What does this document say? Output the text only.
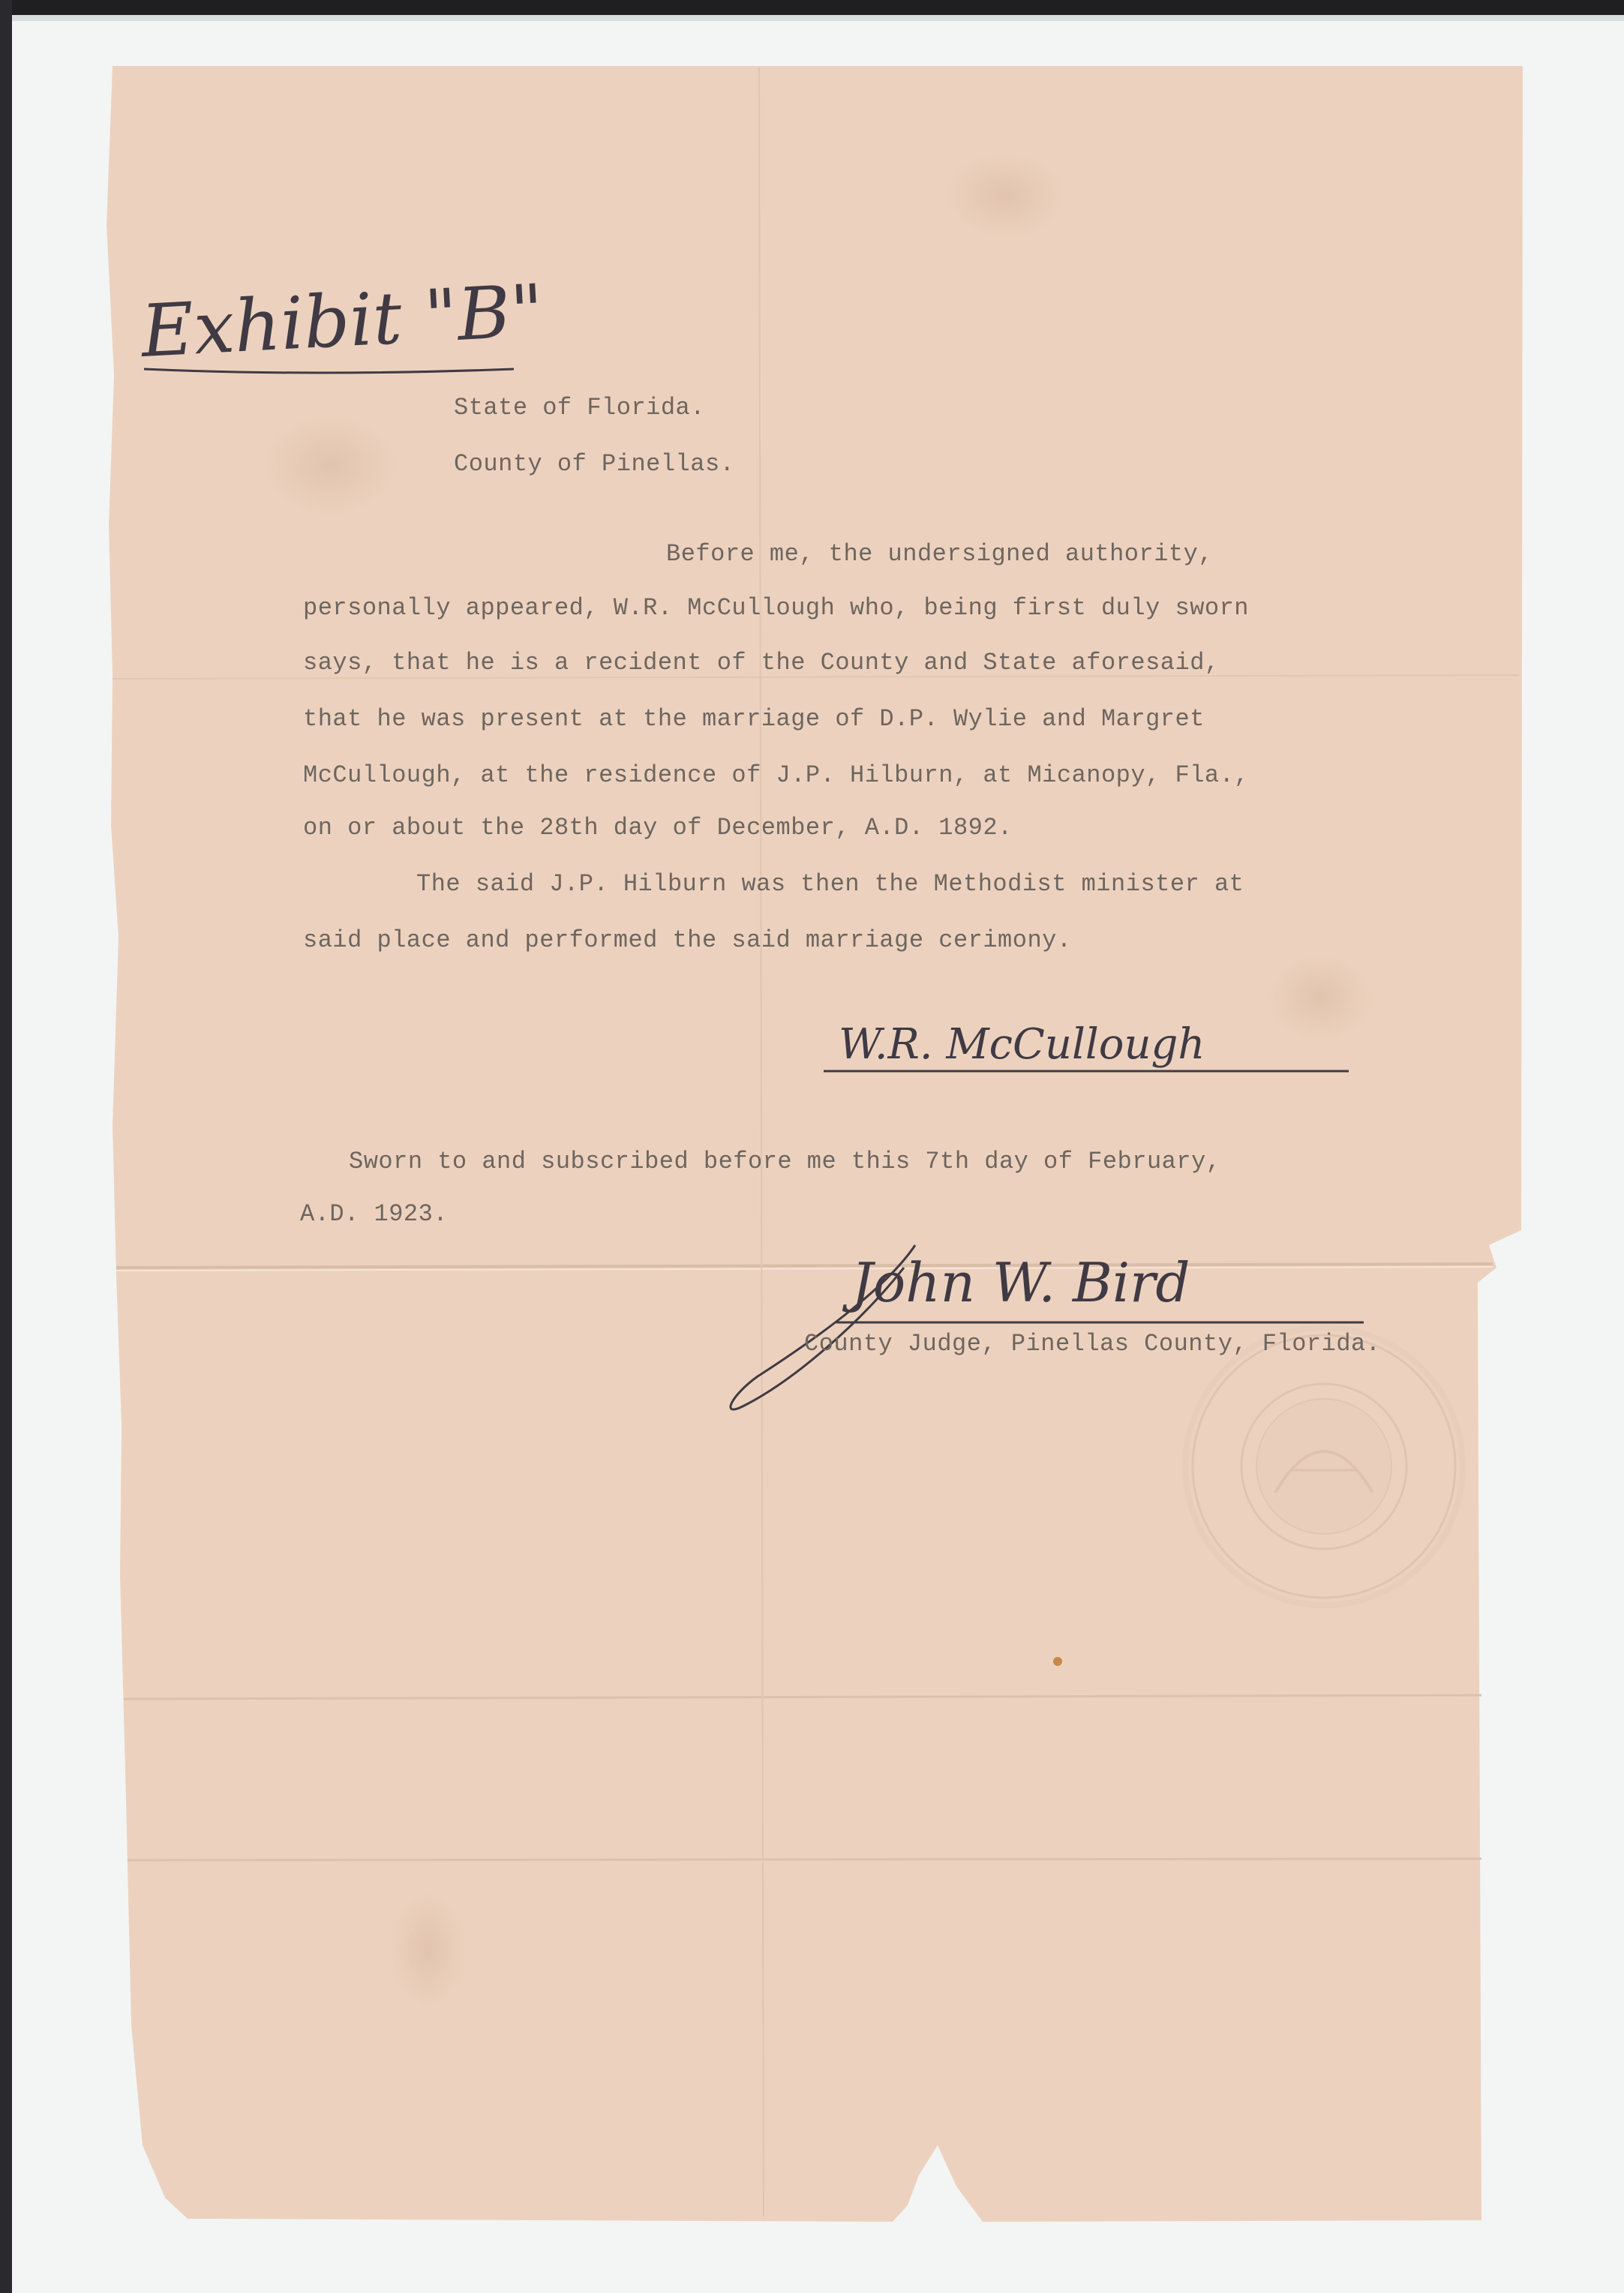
Exhibit "B"

State of Florida.

County of Pinellas.

Before me, the undersigned authority,

personally appeared, W.R. McCullough who, being first duly sworn

says, that he is a recident of the County and State aforesaid,

that he was present at the marriage of D.P. Wylie and Margret

McCullough, at the residence of J.P. Hilburn, at Micanopy, Fla.,

on or about the 28th day of December, A.D. 1892.

The said J.P. Hilburn was then the Methodist minister at

said place and performed the said marriage cerimony.

W.R. McCullough

Sworn to and subscribed before me this 7th day of February,

A.D. 1923.

John W. Bird

County Judge, Pinellas County, Florida.
